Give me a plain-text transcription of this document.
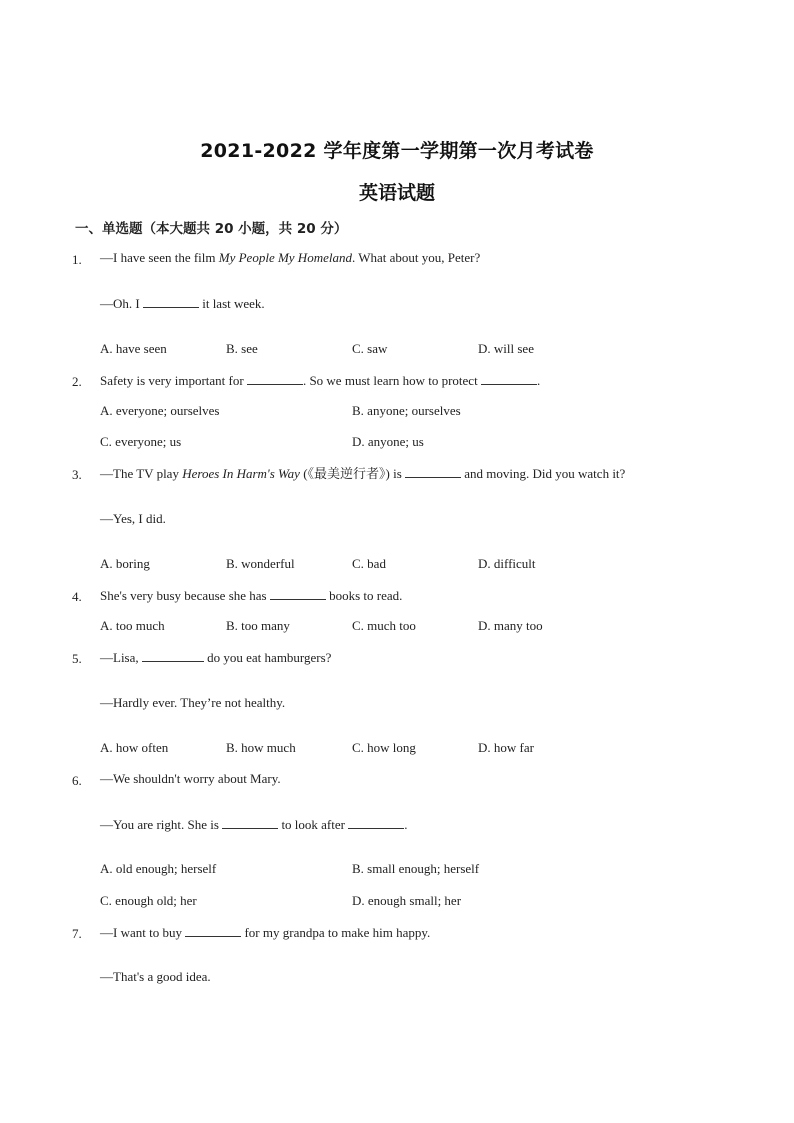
2021-2022 学年度第一学期第一次月考试卷
英语试题
一、单选题（本大题共 20 小题，共 20 分）
1. —I have seen the film My People My Homeland. What about you, Peter?
—Oh. I	it last week.
A. have seen	B. see	C. saw	D. will see
2. Safety is very important for	. So we must learn how to protect	.
A. everyone; ourselves	B. anyone; ourselves
C. everyone; us	D. anyone; us
3. —The TV play Heroes In Harm's Way (《最美逆行者》) is	and moving. Did you watch it?
—Yes, I did.
A. boring	B. wonderful	C. bad	D. difficult
4. She's very busy because she has	books to read.
A. too much	B. too many	C. much too	D. many too
5. —Lisa,	do you eat hamburgers?
—Hardly ever. They’re not healthy.
A. how often	B. how much	C. how long	D. how far
6. —We shouldn't worry about Mary.
—You are right. She is	to look after	.
A. old enough; herself	B. small enough; herself
C. enough old; her	D. enough small; her
7. —I want to buy	for my grandpa to make him happy.
—That's a good idea.
